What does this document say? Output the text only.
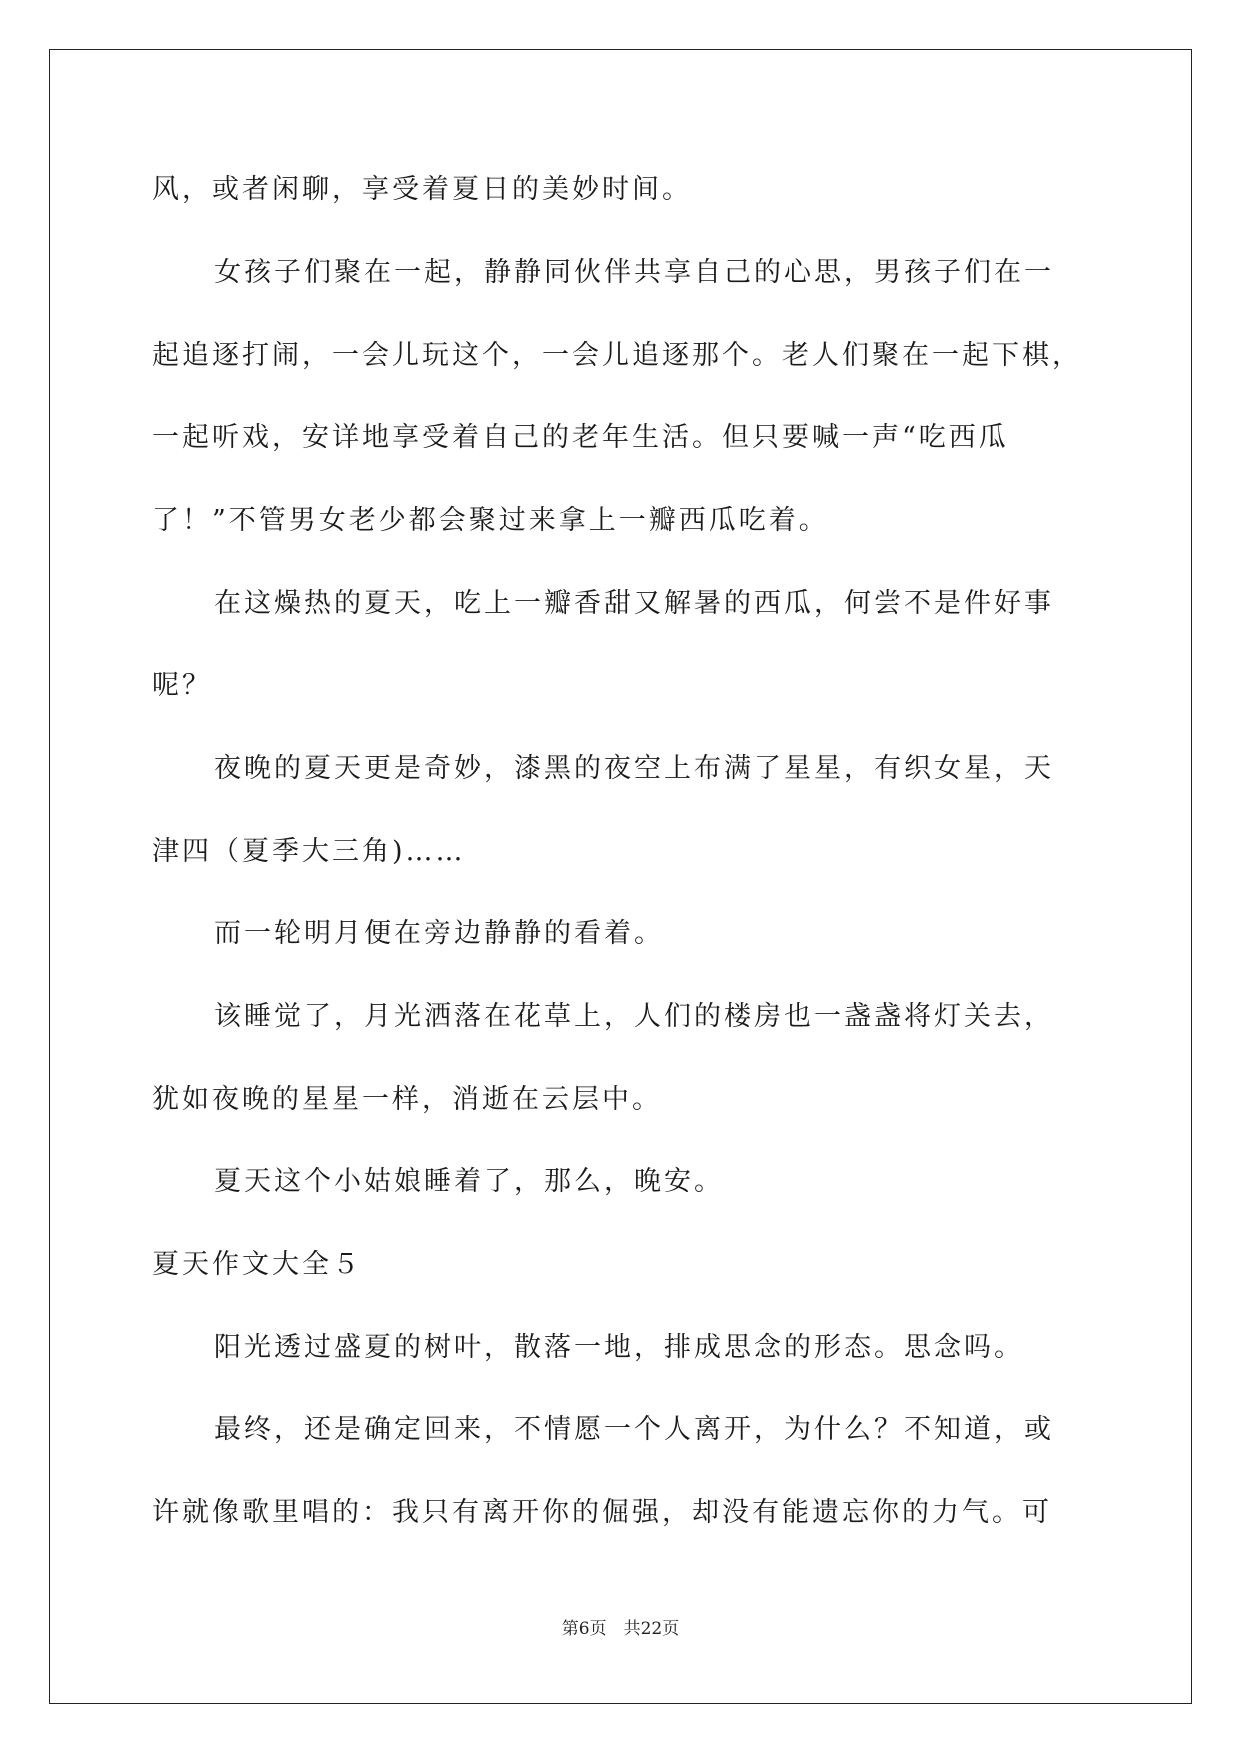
风，或者闲聊，享受着夏日的美妙时间。
女孩子们聚在一起，静静同伙伴共享自己的心思，男孩子们在一
起追逐打闹，一会儿玩这个，一会儿追逐那个。老人们聚在一起下棋，
一起听戏，安详地享受着自己的老年生活。但只要喊一声“吃西瓜
了！”不管男女老少都会聚过来拿上一瓣西瓜吃着。
在这燥热的夏天，吃上一瓣香甜又解暑的西瓜，何尝不是件好事
呢？
夜晚的夏天更是奇妙，漆黑的夜空上布满了星星，有织女星，天
津四（夏季大三角)……
而一轮明月便在旁边静静的看着。
该睡觉了，月光洒落在花草上，人们的楼房也一盏盏将灯关去，
犹如夜晚的星星一样，消逝在云层中。
夏天这个小姑娘睡着了，那么，晚安。
夏天作文大全５
阳光透过盛夏的树叶，散落一地，排成思念的形态。思念吗。
最终，还是确定回来，不情愿一个人离开，为什么？不知道，或
许就像歌里唱的：我只有离开你的倔强，却没有能遗忘你的力气。可
第6页　共22页
